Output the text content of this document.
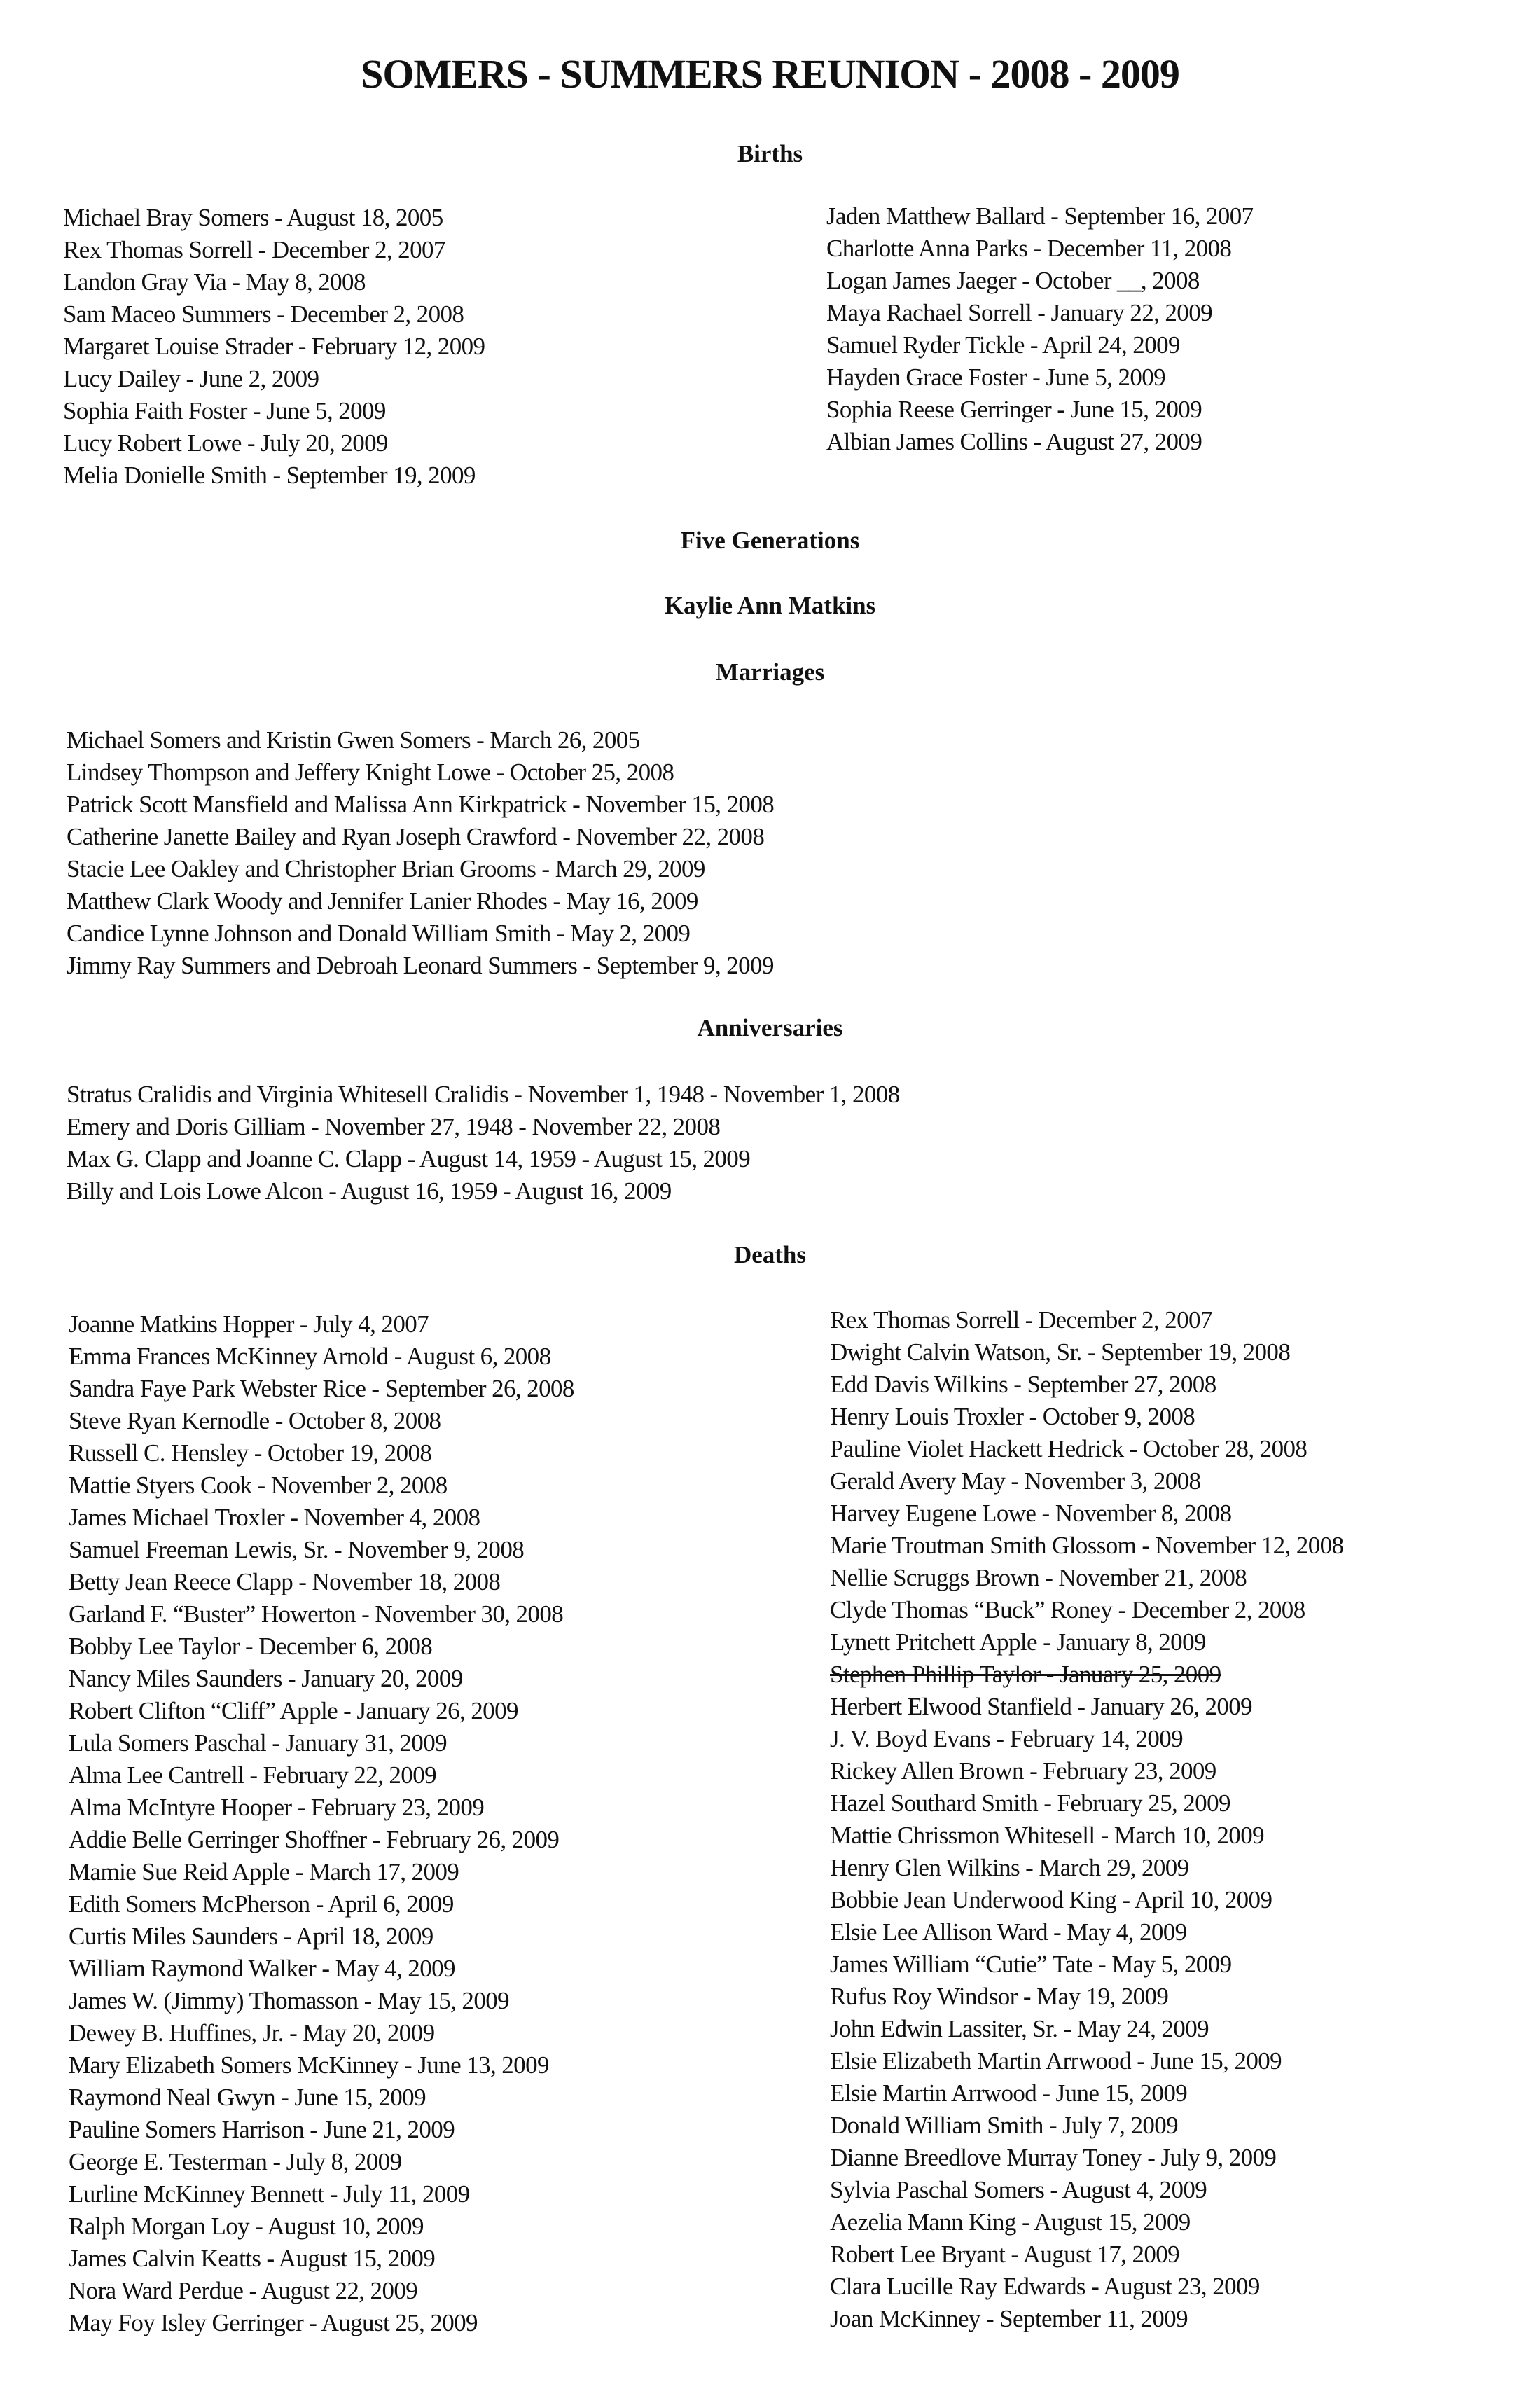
SOMERS - SUMMERS REUNION - 2008 - 2009
Births
Michael Bray Somers - August 18, 2005
Rex Thomas Sorrell - December 2, 2007
Landon Gray Via - May 8, 2008
Sam Maceo Summers - December 2, 2008
Margaret Louise Strader - February 12, 2009
Lucy Dailey - June 2, 2009
Sophia Faith Foster - June 5, 2009
Lucy Robert Lowe - July 20, 2009
Melia Donielle Smith - September 19, 2009
Jaden Matthew Ballard - September 16, 2007
Charlotte Anna Parks - December 11, 2008
Logan James Jaeger - October __, 2008
Maya Rachael Sorrell - January 22, 2009
Samuel Ryder Tickle - April 24, 2009
Hayden Grace Foster - June 5, 2009
Sophia Reese Gerringer - June 15, 2009
Albian James Collins - August 27, 2009
Five Generations
Kaylie Ann Matkins
Marriages
Michael Somers and Kristin Gwen Somers - March 26, 2005
Lindsey Thompson and Jeffery Knight Lowe - October 25, 2008
Patrick Scott Mansfield and Malissa Ann Kirkpatrick - November 15, 2008
Catherine Janette Bailey and Ryan Joseph Crawford - November 22, 2008
Stacie Lee Oakley and Christopher Brian Grooms - March 29, 2009
Matthew Clark Woody and Jennifer Lanier Rhodes - May 16, 2009
Candice Lynne Johnson and Donald William Smith - May 2, 2009
Jimmy Ray Summers and Debroah Leonard Summers - September 9, 2009
Anniversaries
Stratus Cralidis and Virginia Whitesell Cralidis - November 1, 1948 - November 1, 2008
Emery and Doris Gilliam - November 27, 1948 - November 22, 2008
Max G. Clapp and Joanne C. Clapp - August 14, 1959 - August 15, 2009
Billy and Lois Lowe Alcon - August 16, 1959 - August 16, 2009
Deaths
Joanne Matkins Hopper - July 4, 2007
Emma Frances McKinney Arnold - August 6, 2008
Sandra Faye Park Webster Rice - September 26, 2008
Steve Ryan Kernodle - October 8, 2008
Russell C. Hensley - October 19, 2008
Mattie Styers Cook - November 2, 2008
James Michael Troxler - November 4, 2008
Samuel Freeman Lewis, Sr. - November 9, 2008
Betty Jean Reece Clapp - November 18, 2008
Garland F. “Buster” Howerton - November 30, 2008
Bobby Lee Taylor - December 6, 2008
Nancy Miles Saunders - January 20, 2009
Robert Clifton “Cliff” Apple - January 26, 2009
Lula Somers Paschal - January 31, 2009
Alma Lee Cantrell - February 22, 2009
Alma McIntyre Hooper - February 23, 2009
Addie Belle Gerringer Shoffner - February 26, 2009
Mamie Sue Reid Apple - March 17, 2009
Edith Somers McPherson - April 6, 2009
Curtis Miles Saunders - April 18, 2009
William Raymond Walker - May 4, 2009
James W. (Jimmy) Thomasson - May 15, 2009
Dewey B. Huffines, Jr. - May 20, 2009
Mary Elizabeth Somers McKinney - June 13, 2009
Raymond Neal Gwyn - June 15, 2009
Pauline Somers Harrison - June 21, 2009
George E. Testerman - July 8, 2009
Lurline McKinney Bennett - July 11, 2009
Ralph Morgan Loy - August 10, 2009
James Calvin Keatts - August 15, 2009
Nora Ward Perdue - August 22, 2009
May Foy Isley Gerringer - August 25, 2009
Rex Thomas Sorrell - December 2, 2007
Dwight Calvin Watson, Sr. - September 19, 2008
Edd Davis Wilkins - September 27, 2008
Henry Louis Troxler - October 9, 2008
Pauline Violet Hackett Hedrick - October 28, 2008
Gerald Avery May - November 3, 2008
Harvey Eugene Lowe - November 8, 2008
Marie Troutman Smith Glossom - November 12, 2008
Nellie Scruggs Brown - November 21, 2008
Clyde Thomas “Buck” Roney - December 2, 2008
Lynett Pritchett Apple - January 8, 2009
Stephen Phillip Taylor - January 25, 2009
Herbert Elwood Stanfield - January 26, 2009
J. V. Boyd Evans - February 14, 2009
Rickey Allen Brown - February 23, 2009
Hazel Southard Smith - February 25, 2009
Mattie Chrissmon Whitesell - March 10, 2009
Henry Glen Wilkins - March 29, 2009
Bobbie Jean Underwood King - April 10, 2009
Elsie Lee Allison Ward - May 4, 2009
James William “Cutie” Tate - May 5, 2009
Rufus Roy Windsor - May 19, 2009
John Edwin Lassiter, Sr. - May 24, 2009
Elsie Elizabeth Martin Arrwood - June 15, 2009
Elsie Martin Arrwood - June 15, 2009
Donald William Smith - July 7, 2009
Dianne Breedlove Murray Toney - July 9, 2009
Sylvia Paschal Somers - August 4, 2009
Aezelia Mann King - August 15, 2009
Robert Lee Bryant - August 17, 2009
Clara Lucille Ray Edwards - August 23, 2009
Joan McKinney - September 11, 2009
